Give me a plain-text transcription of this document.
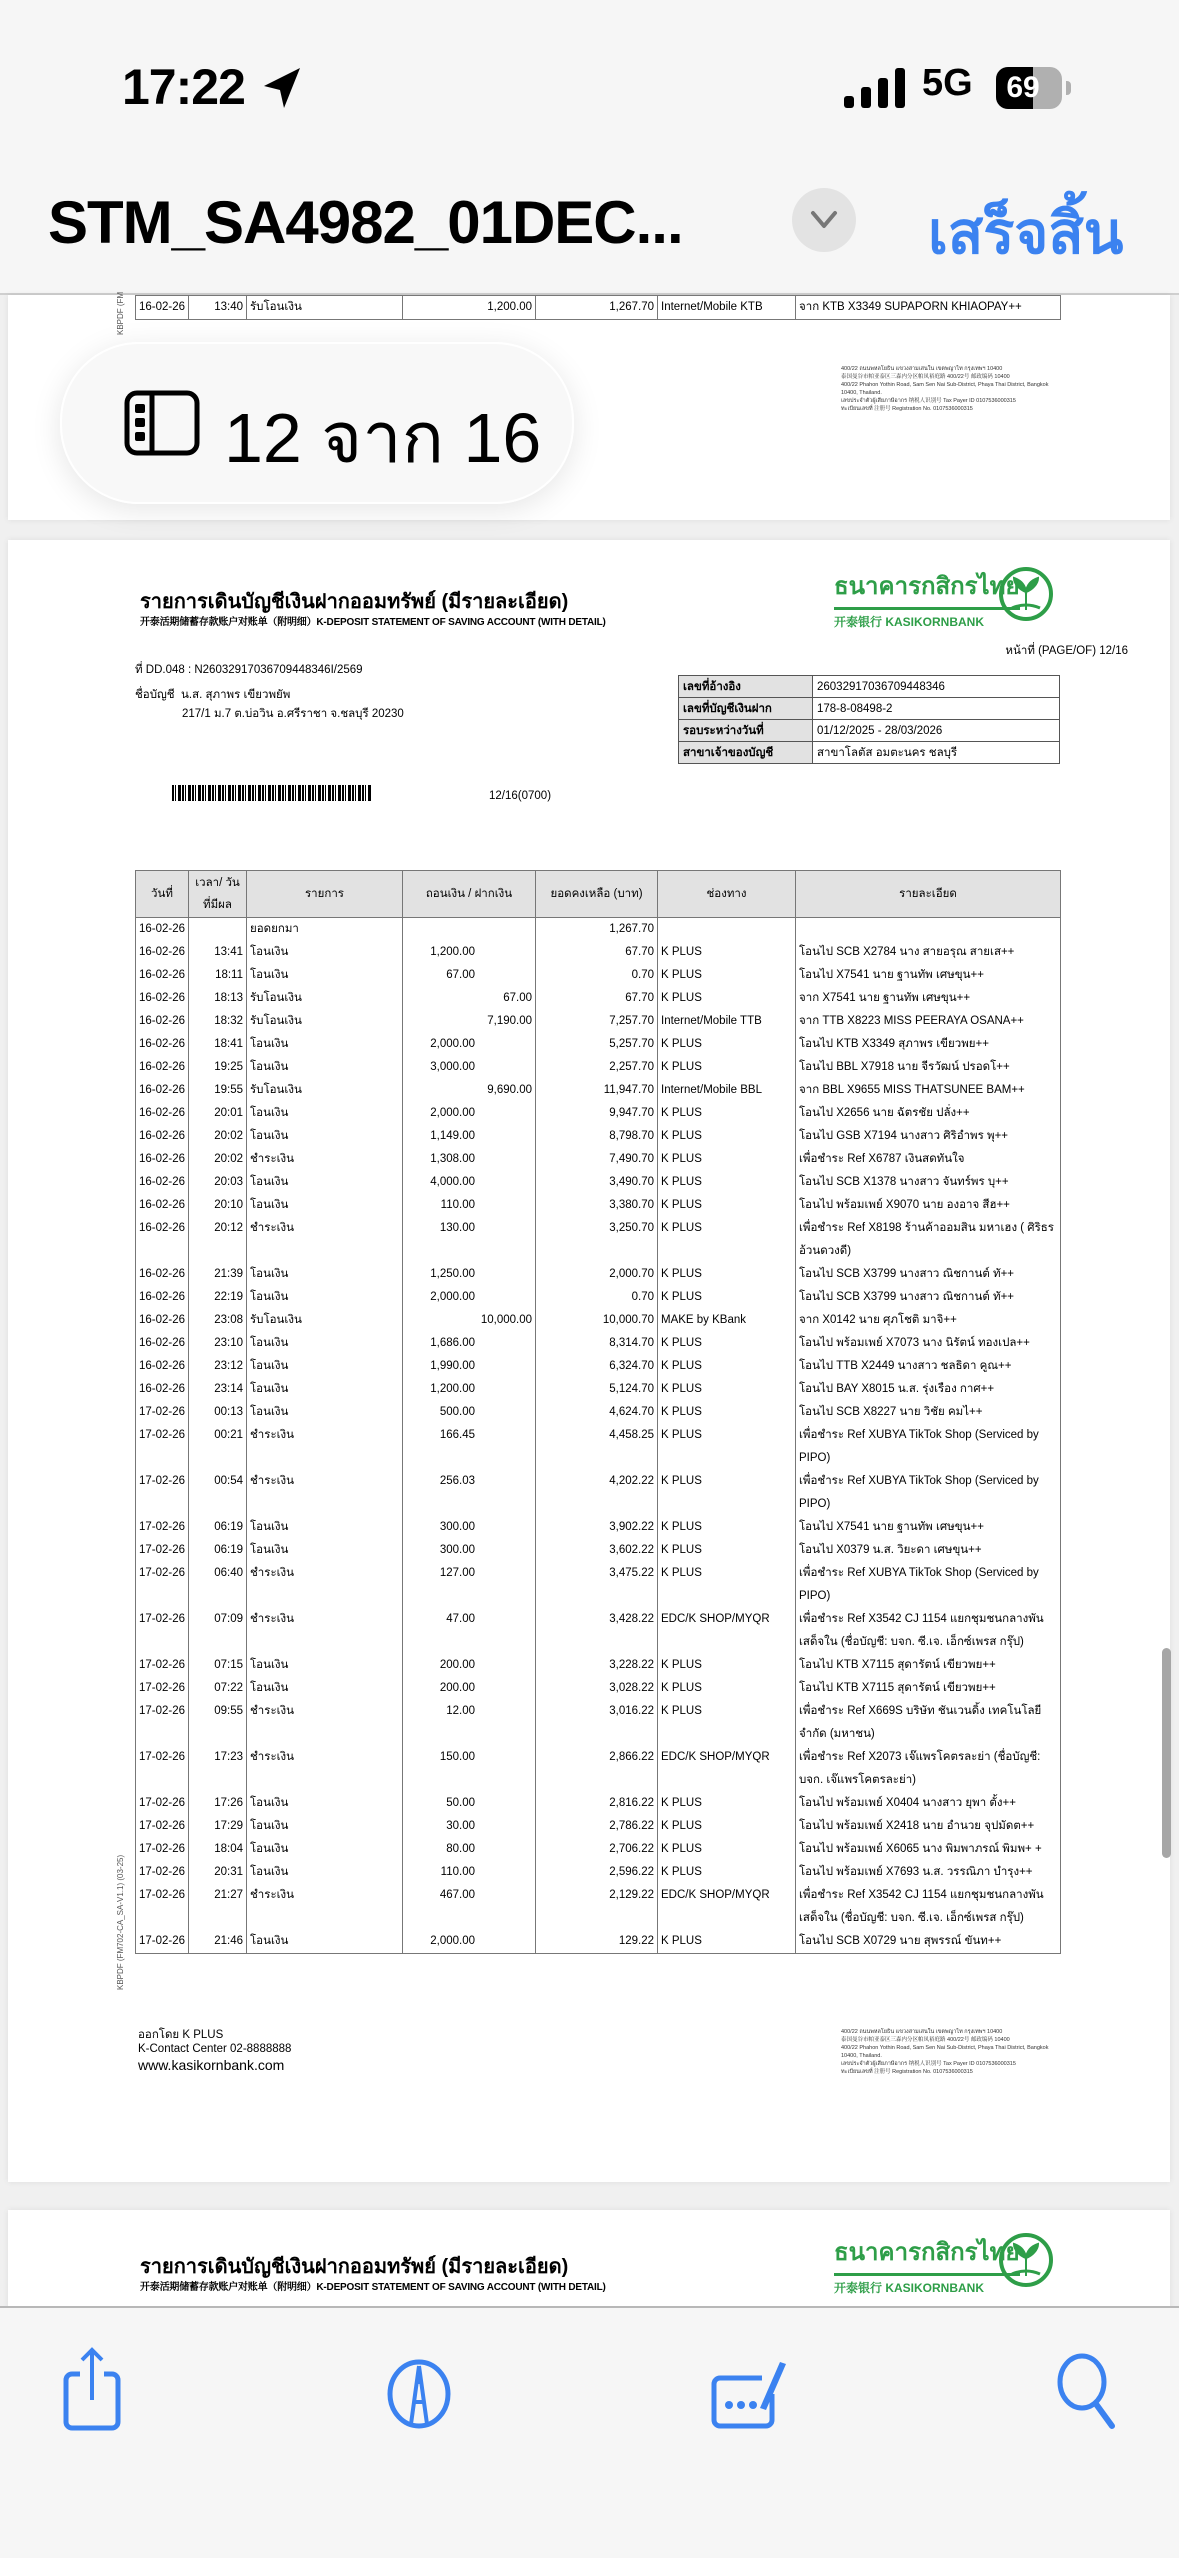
17:22	5G	69
STM_SA4982_01DEC...	เสร็จสิ้น
16-02-26	13:40	รับโอนเงิน	1,200.00	1,267.70	Internet/Mobile KTB	จาก KTB X3349 SUPAPORN KHIAOPAY++
KBPDF (FM
400/22 ถนนพหลโยธิน แขวงสามเสนใน เขตพญาไท กรุงเทพฯ 10400
泰国曼谷市帕亚泰区三森内分区帕凤裕庭路 400/22号 邮政编码 10400
400/22 Phahon Yothin Road, Sam Sen Nai Sub-District, Phaya Thai District, Bangkok 10400, Thailand.
เลขประจำตัวผู้เสียภาษีอากร 纳税人识别号 Tax Payer ID 0107536000315
ทะเบียนเลขที่ 注册号 Registration No. 0107536000315
รายการเดินบัญชีเงินฝากออมทรัพย์ (มีรายละเอียด)
开泰活期储蓄存款账户对账单（附明细）K-DEPOSIT STATEMENT OF SAVING ACCOUNT (WITH DETAIL)
ธนาคารกสิกรไทย
开泰银行 KASIKORNBANK
หน้าที่ (PAGE/OF) 12/16
ที่ DD.048 : N26032917036709448346I/2569
ชื่อบัญชี น.ส. สุภาพร เขียวพยัพ
217/1 ม.7 ต.บ่อวิน อ.ศรีราชา จ.ชลบุรี 20230
เลขที่อ้างอิง	26032917036709448346
เลขที่บัญชีเงินฝาก	178-8-08498-2
รอบระหว่างวันที่	01/12/2025 - 28/03/2026
สาขาเจ้าของบัญชี	สาขาโลตัส อมตะนคร ชลบุรี
12/16(0700)
วันที่	เวลา/ วันที่มีผล	รายการ	ถอนเงิน / ฝากเงิน	ยอดคงเหลือ (บาท)	ช่องทาง	รายละเอียด
16-02-26		ยอดยกมา		1,267.70		
16-02-26	13:41	โอนเงิน	1,200.00	67.70	K PLUS	โอนไป SCB X2784 นาง สายอรุณ สายเส++
16-02-26	18:11	โอนเงิน	67.00	0.70	K PLUS	โอนไป X7541 นาย ฐานทัพ เศษขุน++
16-02-26	18:13	รับโอนเงิน	67.00	67.70	K PLUS	จาก X7541 นาย ฐานทัพ เศษขุน++
16-02-26	18:32	รับโอนเงิน	7,190.00	7,257.70	Internet/Mobile TTB	จาก TTB X8223 MISS PEERAYA OSANA++
16-02-26	18:41	โอนเงิน	2,000.00	5,257.70	K PLUS	โอนไป KTB X3349 สุภาพร เขียวพย++
16-02-26	19:25	โอนเงิน	3,000.00	2,257.70	K PLUS	โอนไป BBL X7918 นาย จีรวัฒน์ ปรอดโ++
16-02-26	19:55	รับโอนเงิน	9,690.00	11,947.70	Internet/Mobile BBL	จาก BBL X9655 MISS THATSUNEE BAM++
16-02-26	20:01	โอนเงิน	2,000.00	9,947.70	K PLUS	โอนไป X2656 นาย ฉัตรชัย ปลั่ง++
16-02-26	20:02	โอนเงิน	1,149.00	8,798.70	K PLUS	โอนไป GSB X7194 นางสาว ศิริอำพร พุ++
16-02-26	20:02	ชำระเงิน	1,308.00	7,490.70	K PLUS	เพื่อชำระ Ref X6787 เงินสดทันใจ
16-02-26	20:03	โอนเงิน	4,000.00	3,490.70	K PLUS	โอนไป SCB X1378 นางสาว จันทร์พร บุ++
16-02-26	20:10	โอนเงิน	110.00	3,380.70	K PLUS	โอนไป พร้อมเพย์ X9070 นาย องอาจ สีฮ++
16-02-26	20:12	ชำระเงิน	130.00	3,250.70	K PLUS	เพื่อชำระ Ref X8198 ร้านค้าออมสิน มหาเฮง ( ศิริธร อ้วนดวงดี)
16-02-26	21:39	โอนเงิน	1,250.00	2,000.70	K PLUS	โอนไป SCB X3799 นางสาว ณิชกานต์ ทั++
16-02-26	22:19	โอนเงิน	2,000.00	0.70	K PLUS	โอนไป SCB X3799 นางสาว ณิชกานต์ ทั++
16-02-26	23:08	รับโอนเงิน	10,000.00	10,000.70	MAKE by KBank	จาก X0142 นาย ศุภโชติ มาจิ++
16-02-26	23:10	โอนเงิน	1,686.00	8,314.70	K PLUS	โอนไป พร้อมเพย์ X7073 นาง นิรัตน์ ทองเปล++
16-02-26	23:12	โอนเงิน	1,990.00	6,324.70	K PLUS	โอนไป TTB X2449 นางสาว ชลธิดา คูณ++
16-02-26	23:14	โอนเงิน	1,200.00	5,124.70	K PLUS	โอนไป BAY X8015 น.ส. รุ่งเรือง กาศ++
17-02-26	00:13	โอนเงิน	500.00	4,624.70	K PLUS	โอนไป SCB X8227 นาย วิชัย คมไ++
17-02-26	00:21	ชำระเงิน	166.45	4,458.25	K PLUS	เพื่อชำระ Ref XUBYA TikTok Shop (Serviced by PIPO)
17-02-26	00:54	ชำระเงิน	256.03	4,202.22	K PLUS	เพื่อชำระ Ref XUBYA TikTok Shop (Serviced by PIPO)
17-02-26	06:19	โอนเงิน	300.00	3,902.22	K PLUS	โอนไป X7541 นาย ฐานทัพ เศษขุน++
17-02-26	06:19	โอนเงิน	300.00	3,602.22	K PLUS	โอนไป X0379 น.ส. วิยะดา เศษขุน++
17-02-26	06:40	ชำระเงิน	127.00	3,475.22	K PLUS	เพื่อชำระ Ref XUBYA TikTok Shop (Serviced by PIPO)
17-02-26	07:09	ชำระเงิน	47.00	3,428.22	EDC/K SHOP/MYQR	เพื่อชำระ Ref X3542 CJ 1154 แยกชุมชนกลางพันเสด็จใน (ชื่อบัญชี: บจก. ซี.เจ. เอ็กซ์เพรส กรุ๊ป)
17-02-26	07:15	โอนเงิน	200.00	3,228.22	K PLUS	โอนไป KTB X7115 สุดารัตน์ เขียวพย++
17-02-26	07:22	โอนเงิน	200.00	3,028.22	K PLUS	โอนไป KTB X7115 สุดารัตน์ เขียวพย++
17-02-26	09:55	ชำระเงิน	12.00	3,016.22	K PLUS	เพื่อชำระ Ref X669S บริษัท ชันเวนดิ้ง เทคโนโลยี จำกัด (มหาชน)
17-02-26	17:23	ชำระเงิน	150.00	2,866.22	EDC/K SHOP/MYQR	เพื่อชำระ Ref X2073 เจ๊แพรโคตรละย่า (ชื่อบัญชี: บจก. เจ๊แพรโคตรละย่า)
17-02-26	17:26	โอนเงิน	50.00	2,816.22	K PLUS	โอนไป พร้อมเพย์ X0404 นางสาว ยุพา ตั้ง++
17-02-26	17:29	โอนเงิน	30.00	2,786.22	K PLUS	โอนไป พร้อมเพย์ X2418 นาย อำนวย จุปมัดต++
17-02-26	18:04	โอนเงิน	80.00	2,706.22	K PLUS	โอนไป พร้อมเพย์ X6065 นาง พิมพาภรณ์ พิมพ+ +
17-02-26	20:31	โอนเงิน	110.00	2,596.22	K PLUS	โอนไป พร้อมเพย์ X7693 น.ส. วรรณิภา บำรุง++
17-02-26	21:27	ชำระเงิน	467.00	2,129.22	EDC/K SHOP/MYQR	เพื่อชำระ Ref X3542 CJ 1154 แยกชุมชนกลางพันเสด็จใน (ชื่อบัญชี: บจก. ซี.เจ. เอ็กซ์เพรส กรุ๊ป)
17-02-26	21:46	โอนเงิน	2,000.00	129.22	K PLUS	โอนไป SCB X0729 นาย สุพรรณ์ ขันท++
KBPDF (FM702-CA_SA-V1.1) (03-25)
ออกโดย K PLUS
K-Contact Center 02-8888888
www.kasikornbank.com
400/22 ถนนพหลโยธิน แขวงสามเสนใน เขตพญาไท กรุงเทพฯ 10400
泰国曼谷市帕亚泰区三森内分区帕凤裕庭路 400/22号 邮政编码 10400
400/22 Phahon Yothin Road, Sam Sen Nai Sub-District, Phaya Thai District, Bangkok 10400, Thailand.
เลขประจำตัวผู้เสียภาษีอากร 纳税人识别号 Tax Payer ID 0107536000315
ทะเบียนเลขที่ 注册号 Registration No. 0107536000315
รายการเดินบัญชีเงินฝากออมทรัพย์ (มีรายละเอียด)
开泰活期储蓄存款账户对账单（附明细）K-DEPOSIT STATEMENT OF SAVING ACCOUNT (WITH DETAIL)
ธนาคารกสิกรไทย
开泰银行 KASIKORNBANK
12 จาก 16
